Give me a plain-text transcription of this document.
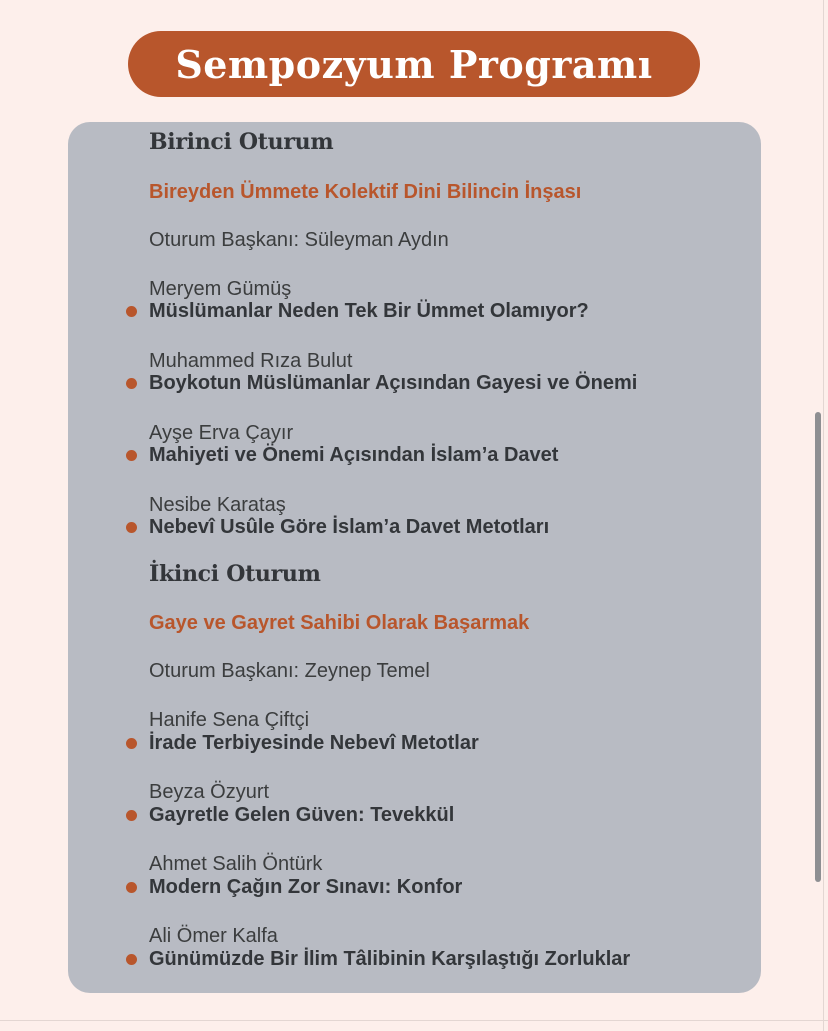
Sempozyum Programı
Birinci Oturum
Bireyden Ümmete Kolektif Dini Bilincin İnşası
Oturum Başkanı: Süleyman Aydın
Meryem Gümüş
Müslümanlar Neden Tek Bir Ümmet Olamıyor?
Muhammed Rıza Bulut
Boykotun Müslümanlar Açısından Gayesi ve Önemi
Ayşe Erva Çayır
Mahiyeti ve Önemi Açısından İslam’a Davet
Nesibe Karataş
Nebevî Usûle Göre İslam’a Davet Metotları
İkinci Oturum
Gaye ve Gayret Sahibi Olarak Başarmak
Oturum Başkanı: Zeynep Temel
Hanife Sena Çiftçi
İrade Terbiyesinde Nebevî Metotlar
Beyza Özyurt
Gayretle Gelen Güven: Tevekkül
Ahmet Salih Öntürk
Modern Çağın Zor Sınavı: Konfor
Ali Ömer Kalfa
Günümüzde Bir İlim Tâlibinin Karşılaştığı Zorluklar
